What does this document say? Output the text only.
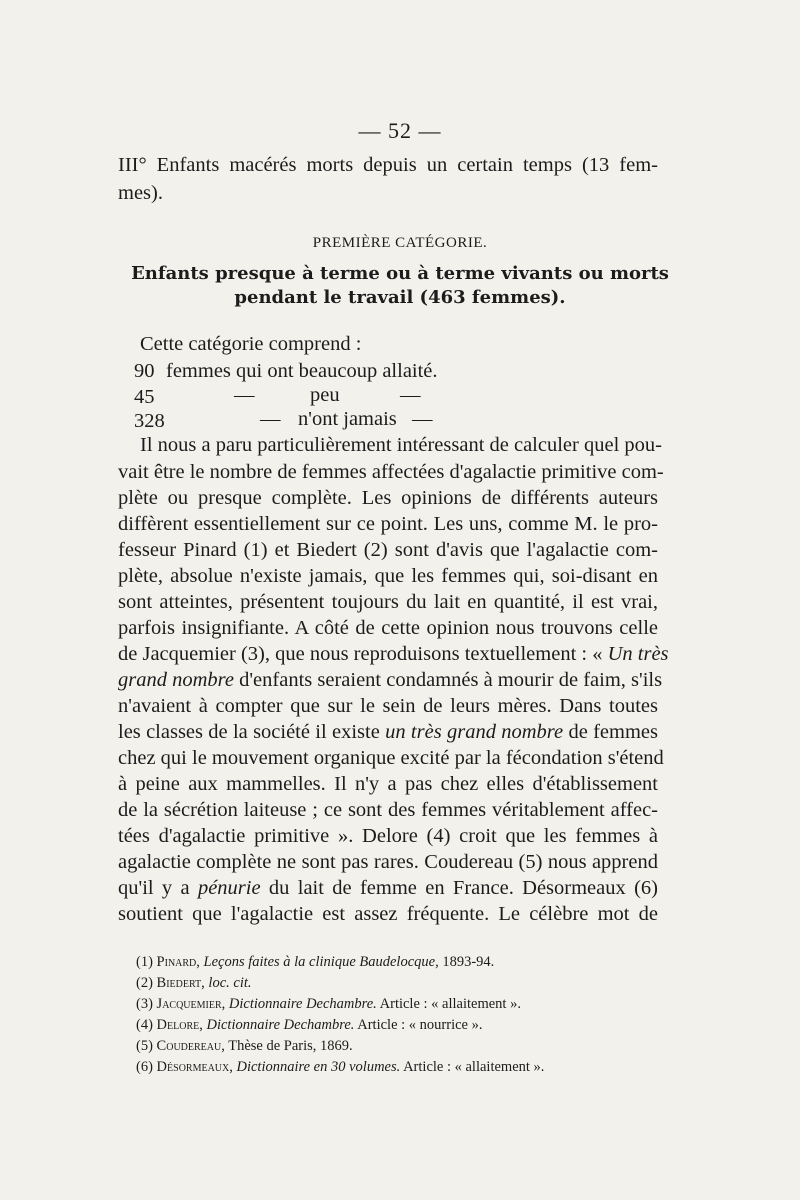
— 52 —
III° Enfants macérés morts depuis un certain temps (13 fem-
mes).
PREMIÈRE CATÉGORIE.
Enfants presque à terme ou à terme vivants ou morts
pendant le travail (463 femmes).
Cette catégorie comprend :
90 femmes qui ont beaucoup allaité.
45	—	peu	—
328	— n'ont jamais —
Il nous a paru particulièrement intéressant de calculer quel pou-
vait être le nombre de femmes affectées d'agalactie primitive com-
plète ou presque complète. Les opinions de différents auteurs
diffèrent essentiellement sur ce point. Les uns, comme M. le pro-
fesseur Pinard (1) et Biedert (2) sont d'avis que l'agalactie com-
plète, absolue n'existe jamais, que les femmes qui, soi-disant en
sont atteintes, présentent toujours du lait en quantité, il est vrai,
parfois insignifiante. A côté de cette opinion nous trouvons celle
de Jacquemier (3), que nous reproduisons textuellement : « Un très
grand nombre d'enfants seraient condamnés à mourir de faim, s'ils
n'avaient à compter que sur le sein de leurs mères. Dans toutes
les classes de la société il existe un très grand nombre de femmes
chez qui le mouvement organique excité par la fécondation s'étend
à peine aux mammelles. Il n'y a pas chez elles d'établissement
de la sécrétion laiteuse ; ce sont des femmes véritablement affec-
tées d'agalactie primitive ». Delore (4) croit que les femmes à
agalactie complète ne sont pas rares. Coudereau (5) nous apprend
qu'il y a pénurie du lait de femme en France. Désormeaux (6)
soutient que l'agalactie est assez fréquente. Le célèbre mot de
(1) Pinard, Leçons faites à la clinique Baudelocque, 1893-94.
(2) Biedert, loc. cit.
(3) Jacquemier, Dictionnaire Dechambre. Article : « allaitement ».
(4) Delore, Dictionnaire Dechambre. Article : « nourrice ».
(5) Coudereau, Thèse de Paris, 1869.
(6) Désormeaux, Dictionnaire en 30 volumes. Article : « allaitement ».
